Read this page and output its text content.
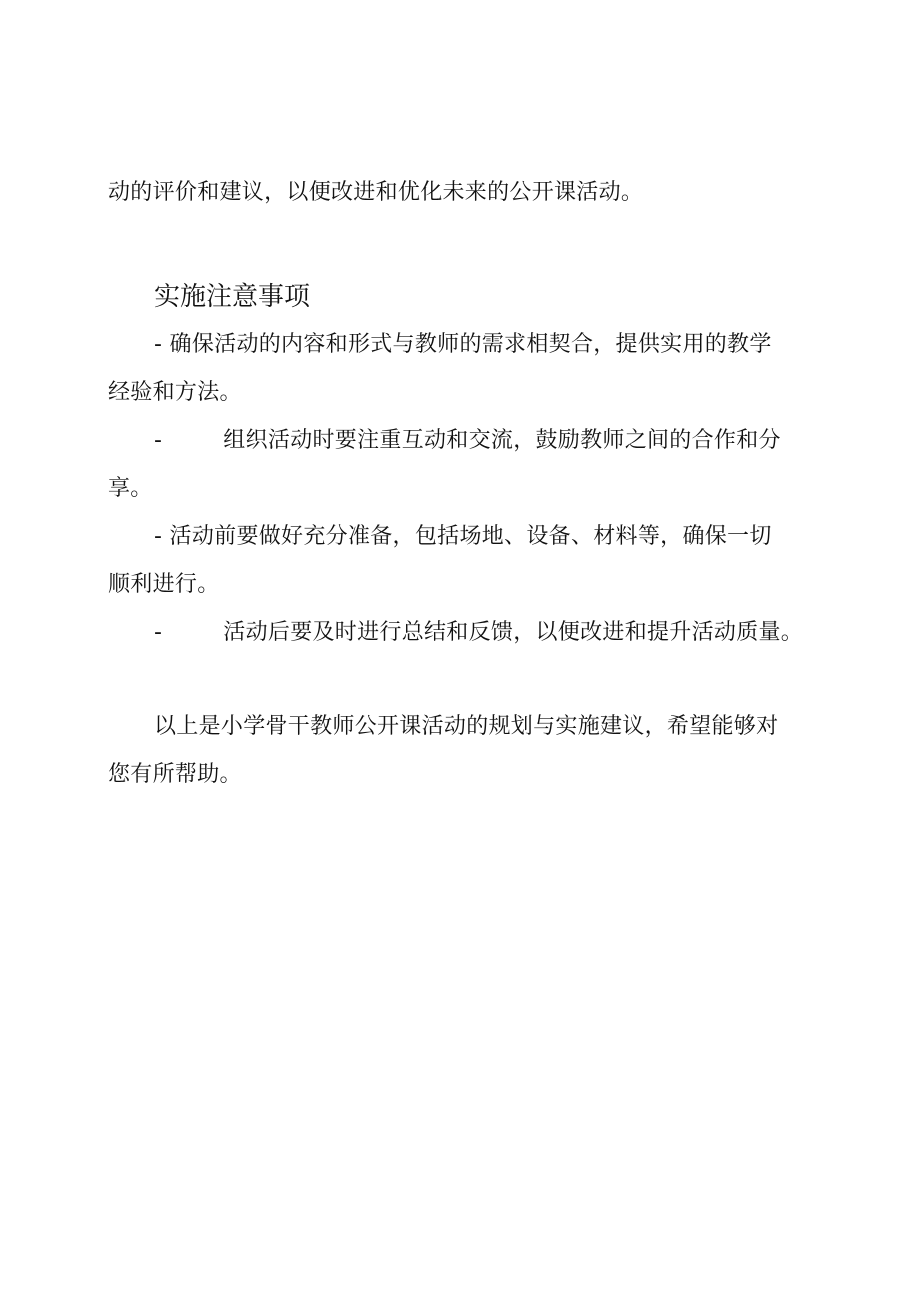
动的评价和建议，以便改进和优化未来的公开课活动。
实施注意事项
- 确保活动的内容和形式与教师的需求相契合，提供实用的教学
经验和方法。
-	组织活动时要注重互动和交流，鼓励教师之间的合作和分
享。
- 活动前要做好充分准备，包括场地、设备、材料等，确保一切
顺利进行。
-	活动后要及时进行总结和反馈，以便改进和提升活动质量。
以上是小学骨干教师公开课活动的规划与实施建议，希望能够对
您有所帮助。
